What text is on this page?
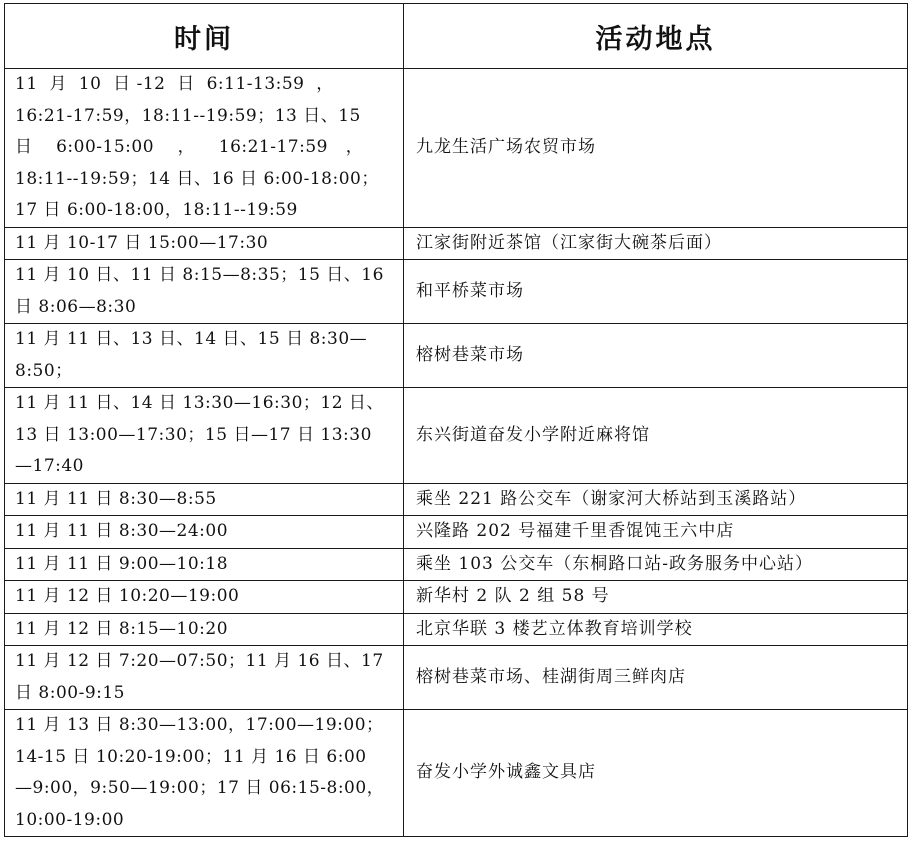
时间	活动地点

11  月  10  日 -12  日  6:11-13:59  ，
16:21-17:59，18:11--19:59；13 日、15
日    6:00-15:00    ，    16:21-17:59   ，
18:11--19:59；14 日、16 日 6:00-18:00；
17 日 6:00-18:00，18:11--19:59	九龙生活广场农贸市场

11 月 10-17 日 15:00—17:30	江家街附近茶馆（江家街大碗茶后面）

11 月 10 日、11 日 8:15—8:35；15 日、16
日 8:06—8:30	和平桥菜市场

11 月 11 日、13 日、14 日、15 日 8:30—
8:50；	榕树巷菜市场

11 月 11 日、14 日 13:30—16:30；12 日、
13 日 13:00—17:30；15 日—17 日 13:30
—17:40	东兴街道奋发小学附近麻将馆

11 月 11 日 8:30—8:55	乘坐 221 路公交车（谢家河大桥站到玉溪路站）

11 月 11 日 8:30—24:00	兴隆路 202 号福建千里香馄饨王六中店

11 月 11 日 9:00—10:18	乘坐 103 公交车（东桐路口站-政务服务中心站）

11 月 12 日 10:20—19:00	新华村 2 队 2 组 58 号

11 月 12 日 8:15—10:20	北京华联 3 楼艺立体教育培训学校

11 月 12 日 7:20—07:50；11 月 16 日、17
日 8:00-9:15	榕树巷菜市场、桂湖街周三鲜肉店

11 月 13 日 8:30—13:00，17:00—19:00；
14-15 日 10:20-19:00；11 月 16 日 6:00
—9:00，9:50—19:00；17 日 06:15-8:00，
10:00-19:00	奋发小学外诚鑫文具店
